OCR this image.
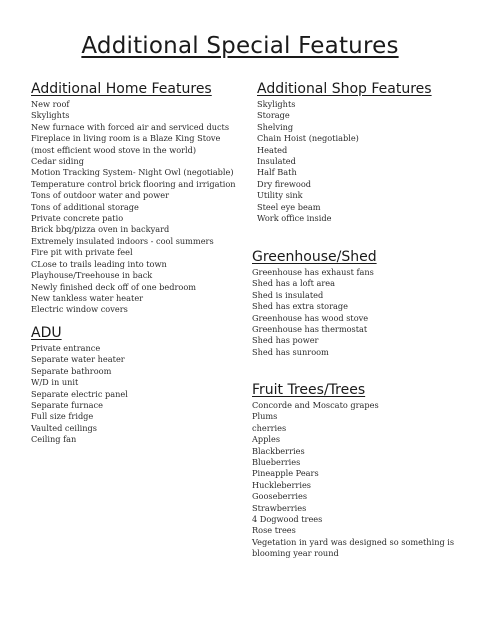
Additional Special Features
Additional Home Features
New roof
Skylights
New furnace with forced air and serviced ducts
Fireplace in living room is a Blaze King Stove (most efficient wood stove in the world)
Cedar siding
Motion Tracking System- Night Owl (negotiable)
Temperature control brick flooring and irrigation
Tons of outdoor water and power
Tons of additional storage
Private concrete patio
Brick bbq/pizza oven in backyard
Extremely insulated indoors - cool summers
Fire pit with private feel
CLose to trails leading into town
Playhouse/Treehouse in back
Newly finished deck off of one bedroom
New tankless water heater
Electric window covers
ADU
Private entrance
Separate water heater
Separate bathroom
W/D in unit
Separate electric panel
Separate furnace
Full size fridge
Vaulted ceilings
Ceiling fan
Additional Shop Features
Skylights
Storage
Shelving
Chain Hoist (negotiable)
Heated
Insulated
Half Bath
Dry firewood
Utility sink
Steel eye beam
Work office inside
Greenhouse/Shed
Greenhouse has exhaust fans
Shed has a loft area
Shed is insulated
Shed has extra storage
Greenhouse has wood stove
Greenhouse has thermostat
Shed has power
Shed has sunroom
Fruit Trees/Trees
Concorde and Moscato grapes
Plums
cherries
Apples
Blackberries
Blueberries
Pineapple Pears
Huckleberries
Gooseberries
Strawberries
4 Dogwood trees
Rose trees
Vegetation in yard was designed so something is blooming year round
